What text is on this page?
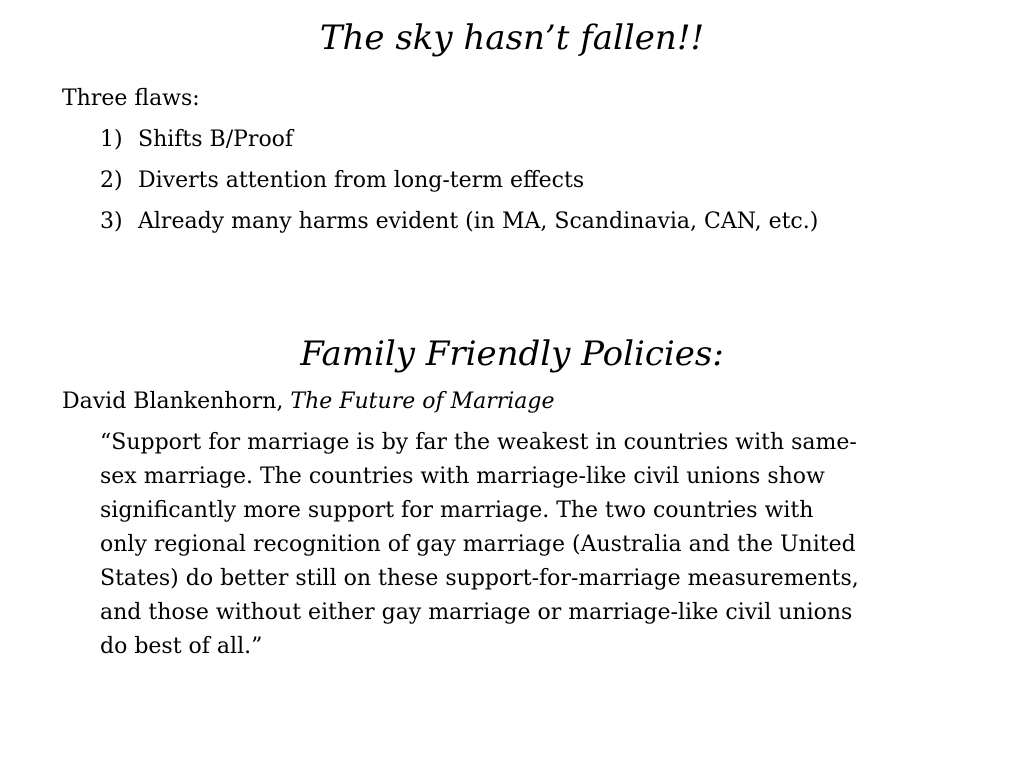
The sky hasn’t fallen!!
Three flaws:
1) Shifts B/Proof
2) Diverts attention from long-term effects
3) Already many harms evident (in MA, Scandinavia, CAN, etc.)
Family Friendly Policies:
David Blankenhorn, The Future of Marriage
“Support for marriage is by far the weakest in countries with same-
sex marriage. The countries with marriage-like civil unions show
significantly more support for marriage. The two countries with
only regional recognition of gay marriage (Australia and the United
States) do better still on these support-for-marriage measurements,
and those without either gay marriage or marriage-like civil unions
do best of all.”
